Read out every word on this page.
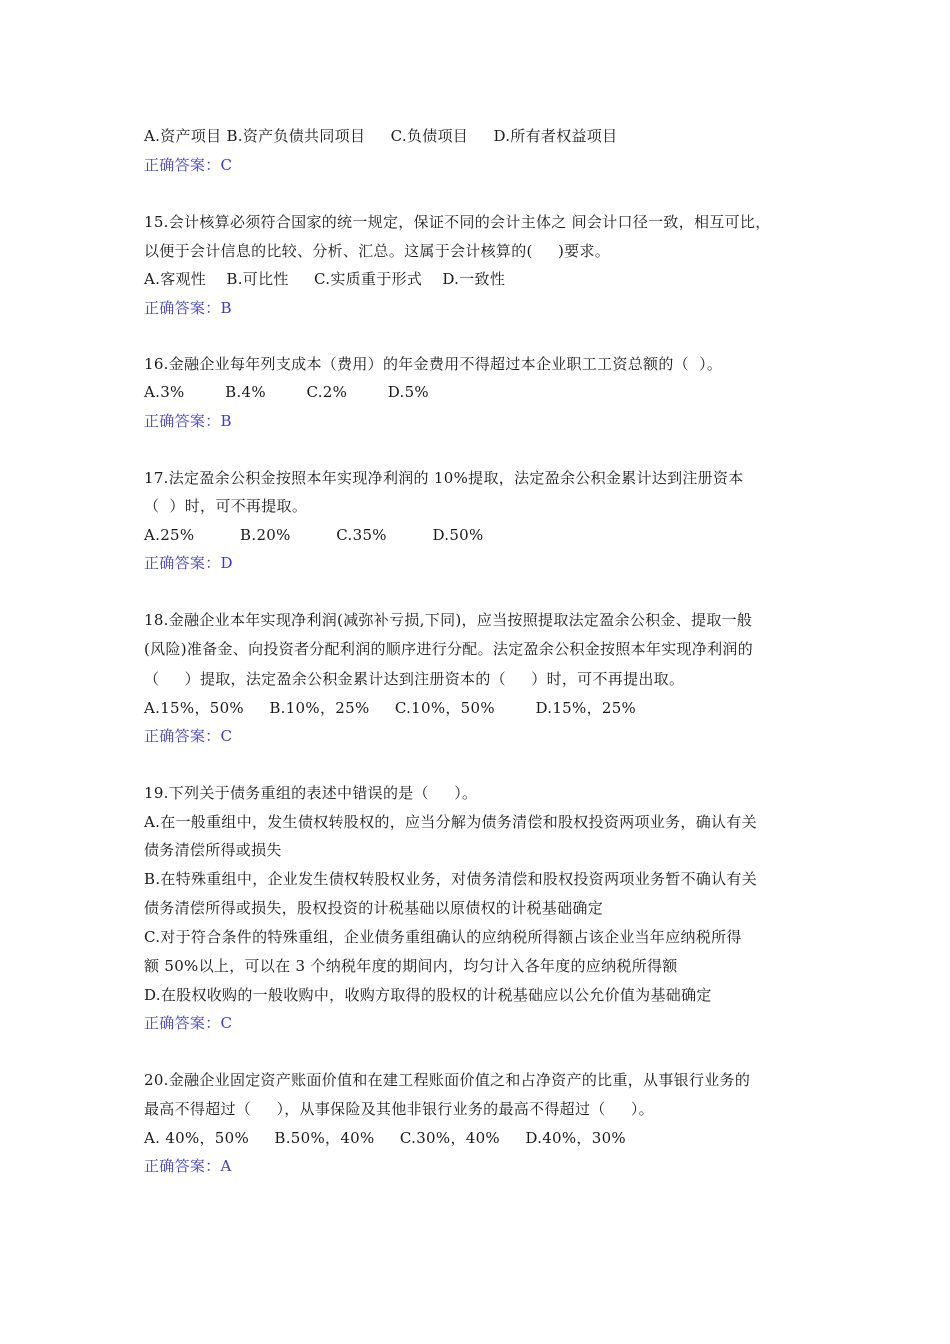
A.资产项目 B.资产负债共同项目     C.负债项目     D.所有者权益项目
正确答案：C
15.会计核算必须符合国家的统一规定，保证不同的会计主体之 间会计口径一致，相互可比，
以便于会计信息的比较、分析、汇总。这属于会计核算的(     )要求。
A.客观性    B.可比性     C.实质重于形式    D.一致性
正确答案：B
16.金融企业每年列支成本（费用）的年金费用不得超过本企业职工工资总额的（  ）。
A.3%        B.4%        C.2%        D.5%
正确答案：B
17.法定盈余公积金按照本年实现净利润的 10%提取，法定盈余公积金累计达到注册资本
（  ）时，可不再提取。
A.25%         B.20%         C.35%         D.50%
正确答案：D
18.金融企业本年实现净利润(减弥补亏损,下同)，应当按照提取法定盈余公积金、提取一般
(风险)准备金、向投资者分配利润的顺序进行分配。法定盈余公积金按照本年实现净利润的
（     ）提取，法定盈余公积金累计达到注册资本的（     ）时，可不再提出取。
A.15%，50%     B.10%，25%     C.10%，50%        D.15%，25%
正确答案：C
19.下列关于债务重组的表述中错误的是（     ）。
A.在一般重组中，发生债权转股权的，应当分解为债务清偿和股权投资两项业务，确认有关
债务清偿所得或损失
B.在特殊重组中，企业发生债权转股权业务，对债务清偿和股权投资两项业务暂不确认有关
债务清偿所得或损失，股权投资的计税基础以原债权的计税基础确定
C.对于符合条件的特殊重组，企业债务重组确认的应纳税所得额占该企业当年应纳税所得
额 50%以上，可以在 3 个纳税年度的期间内，均匀计入各年度的应纳税所得额
D.在股权收购的一般收购中，收购方取得的股权的计税基础应以公允价值为基础确定
正确答案：C
20.金融企业固定资产账面价值和在建工程账面价值之和占净资产的比重，从事银行业务的
最高不得超过（     ），从事保险及其他非银行业务的最高不得超过（     ）。
A. 40%，50%     B.50%，40%     C.30%，40%     D.40%，30%
正确答案：A
